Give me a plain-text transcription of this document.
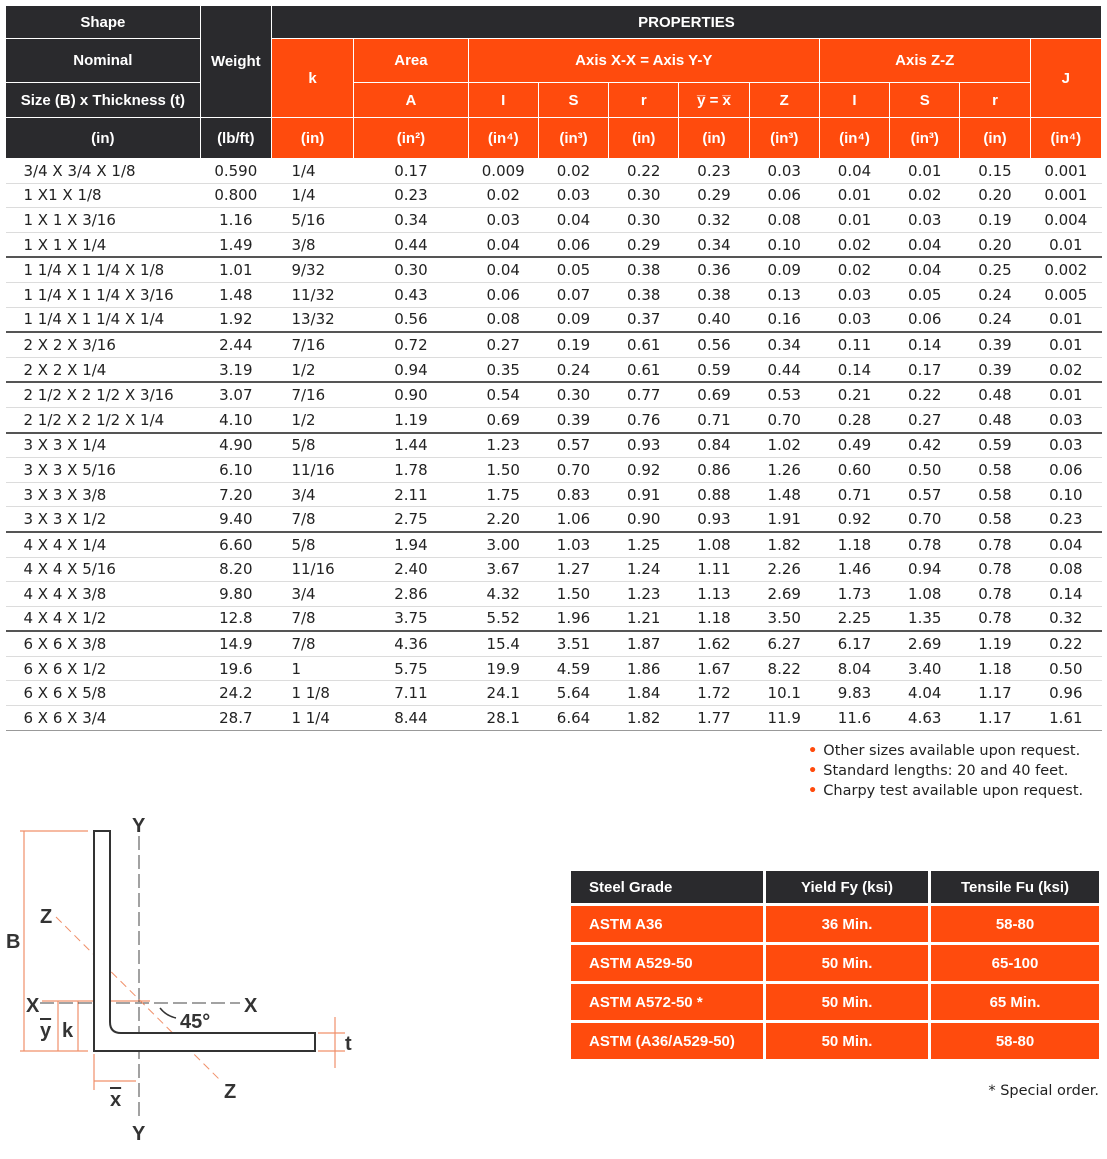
Shape	Weight	PROPERTIES										
Nominal		k	Area	Axis X-X = Axis Y-Y					Axis Z-Z			J
Size (B) x Thickness (t)			A	I	S	r	y̅ = x̅	Z	I	S	r	
(in)	(lb/ft)	(in)	(in²)	(in⁴)	(in³)	(in)	(in)	(in³)	(in⁴)	(in³)	(in)	(in⁴)
3/4 X 3/4 X 1/8	0.590	1/4	0.17	0.009	0.02	0.22	0.23	0.03	0.04	0.01	0.15	0.001
1 X1 X 1/8	0.800	1/4	0.23	0.02	0.03	0.30	0.29	0.06	0.01	0.02	0.20	0.001
1 X 1 X 3/16	1.16	5/16	0.34	0.03	0.04	0.30	0.32	0.08	0.01	0.03	0.19	0.004
1 X 1 X 1/4	1.49	3/8	0.44	0.04	0.06	0.29	0.34	0.10	0.02	0.04	0.20	0.01
1 1/4 X 1 1/4 X 1/8	1.01	9/32	0.30	0.04	0.05	0.38	0.36	0.09	0.02	0.04	0.25	0.002
1 1/4 X 1 1/4 X 3/16	1.48	11/32	0.43	0.06	0.07	0.38	0.38	0.13	0.03	0.05	0.24	0.005
1 1/4 X 1 1/4 X 1/4	1.92	13/32	0.56	0.08	0.09	0.37	0.40	0.16	0.03	0.06	0.24	0.01
2 X 2 X 3/16	2.44	7/16	0.72	0.27	0.19	0.61	0.56	0.34	0.11	0.14	0.39	0.01
2 X 2 X 1/4	3.19	1/2	0.94	0.35	0.24	0.61	0.59	0.44	0.14	0.17	0.39	0.02
2 1/2 X 2 1/2 X 3/16	3.07	7/16	0.90	0.54	0.30	0.77	0.69	0.53	0.21	0.22	0.48	0.01
2 1/2 X 2 1/2 X 1/4	4.10	1/2	1.19	0.69	0.39	0.76	0.71	0.70	0.28	0.27	0.48	0.03
3 X 3 X 1/4	4.90	5/8	1.44	1.23	0.57	0.93	0.84	1.02	0.49	0.42	0.59	0.03
3 X 3 X 5/16	6.10	11/16	1.78	1.50	0.70	0.92	0.86	1.26	0.60	0.50	0.58	0.06
3 X 3 X 3/8	7.20	3/4	2.11	1.75	0.83	0.91	0.88	1.48	0.71	0.57	0.58	0.10
3 X 3 X 1/2	9.40	7/8	2.75	2.20	1.06	0.90	0.93	1.91	0.92	0.70	0.58	0.23
4 X 4 X 1/4	6.60	5/8	1.94	3.00	1.03	1.25	1.08	1.82	1.18	0.78	0.78	0.04
4 X 4 X 5/16	8.20	11/16	2.40	3.67	1.27	1.24	1.11	2.26	1.46	0.94	0.78	0.08
4 X 4 X 3/8	9.80	3/4	2.86	4.32	1.50	1.23	1.13	2.69	1.73	1.08	0.78	0.14
4 X 4 X 1/2	12.8	7/8	3.75	5.52	1.96	1.21	1.18	3.50	2.25	1.35	0.78	0.32
6 X 6 X 3/8	14.9	7/8	4.36	15.4	3.51	1.87	1.62	6.27	6.17	2.69	1.19	0.22
6 X 6 X 1/2	19.6	1	5.75	19.9	4.59	1.86	1.67	8.22	8.04	3.40	1.18	0.50
6 X 6 X 5/8	24.2	1 1/8	7.11	24.1	5.64	1.84	1.72	10.1	9.83	4.04	1.17	0.96
6 X 6 X 3/4	28.7	1 1/4	8.44	28.1	6.64	1.82	1.77	11.9	11.6	4.63	1.17	1.61
• Other sizes available upon request.
• Standard lengths: 20 and 40 feet.
• Charpy test available upon request.
Y
Y
X	X
Z
Z
B
t
k
y
x
45°
Steel Grade	Yield Fy (ksi)	Tensile Fu (ksi)
ASTM A36	36 Min.	58-80
ASTM A529-50	50 Min.	65-100
ASTM A572-50 *	50 Min.	65 Min.
ASTM (A36/A529-50)	50 Min.	58-80
* Special order.
